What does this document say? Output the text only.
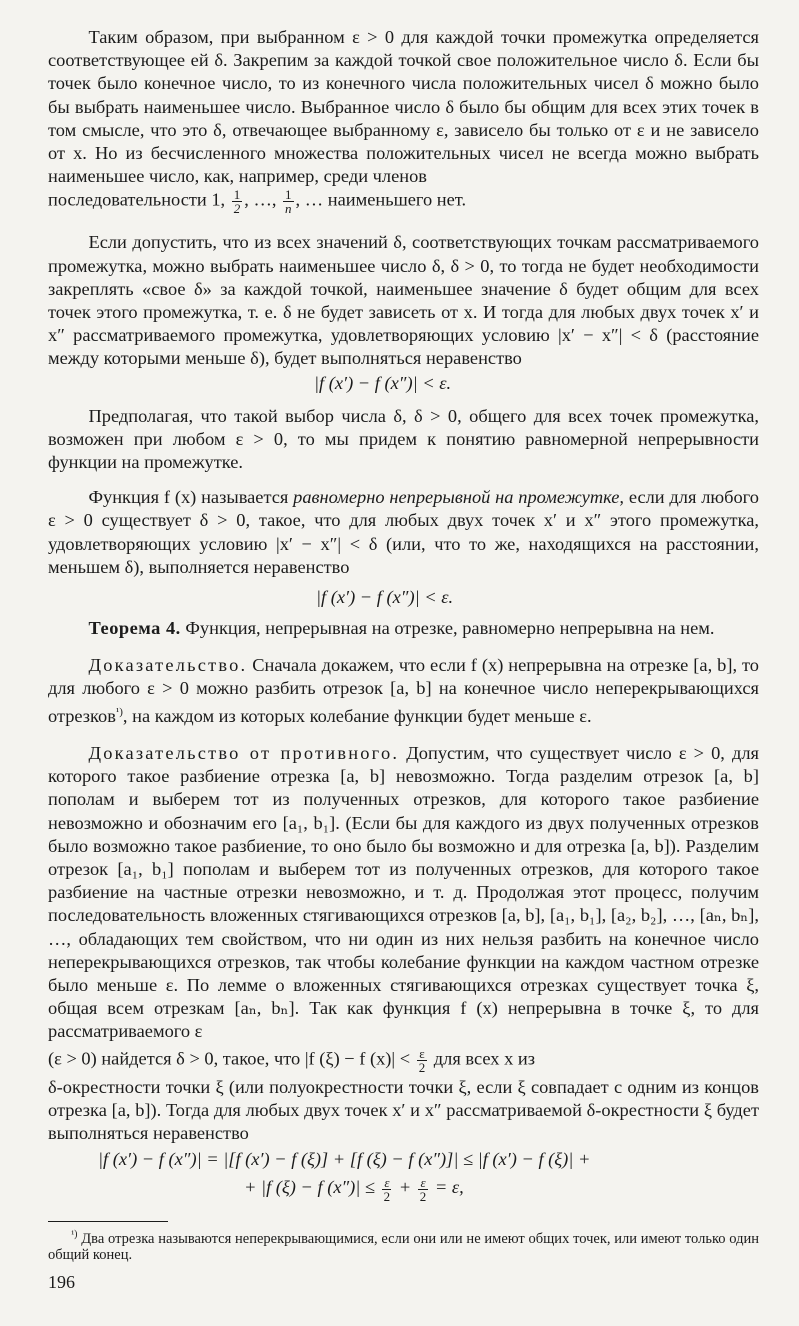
Таким образом, при выбранном ε > 0 для каждой точки промежутка определяется соответствующее ей δ. Закрепим за каждой точкой свое положительное число δ. Если бы точек было конечное число, то из конечного числа положительных чисел δ можно было бы выбрать наименьшее число. Выбранное число δ было бы общим для всех этих точек в том смысле, что это δ, отвечающее выбранному ε, зависело бы только от ε и не зависело от x. Но из бесчисленного множества положительных чисел не всегда можно выбрать наименьшее число, как, например, среди членов

последовательности 1, $\frac{1}{2}$ , …, $\frac{1}{n}$ , … наименьшего нет.

Если допустить, что из всех значений δ, соответствующих точкам рассматриваемого промежутка, можно выбрать наименьшее число δ, δ > 0, то тогда не будет необходимости закреплять «свое δ» за каждой точкой, наименьшее значение δ будет общим для всех точек этого промежутка, т. е. δ не будет зависеть от x. И тогда для любых двух точек x′ и x″ рассматриваемого промежутка, удовлетворяющих условию |x′ − x″| < δ (расстояние между которыми меньше δ), будет выполняться неравенство

|f (x′) − f (x″)| < ε.

Предполагая, что такой выбор числа δ, δ > 0, общего для всех точек промежутка, возможен при любом ε > 0, то мы придем к понятию равномерной непрерывности функции на промежутке.

Функция f (x) называется равномерно непрерывной на промежутке, если для любого ε > 0 существует δ > 0, такое, что для любых двух точек x′ и x″ этого промежутка, удовлетворяющих условию |x′ − x″| < δ (или, что то же, находящихся на расстоянии, меньшем δ), выполняется неравенство

|f (x′) − f (x″)| < ε.

Теорема 4. Функция, непрерывная на отрезке, равномерно непрерывна на нем.

Доказательство. Сначала докажем, что если f (x) непрерывна на отрезке [a, b], то для любого ε > 0 можно разбить отрезок [a, b] на конечное число неперекрывающихся отрезков$^{^1)}$, на каждом из которых колебание функции будет меньше ε.

Доказательство от противного. Допустим, что существует число ε > 0, для которого такое разбиение отрезка [a, b] невозможно. Тогда разделим отрезок [a, b] пополам и выберем тот из полученных отрезков, для которого такое разбиение невозможно и обозначим его [a₁, b₁]. (Если бы для каждого из двух полученных отрезков было возможно такое разбиение, то оно было бы возможно и для отрезка [a, b]). Разделим отрезок [a₁, b₁] пополам и выберем тот из полученных отрезков, для которого такое разбиение на частные отрезки невозможно, и т. д. Продолжая этот процесс, получим последовательность вложенных стягивающихся отрезков [a, b], [a₁, b₁], [a₂, b₂], …, [aₙ, bₙ], …, обладающих тем свойством, что ни один из них нельзя разбить на конечное число неперекрывающихся отрезков, так чтобы колебание функции на каждом частном отрезке было меньше ε. По лемме о вложенных стягивающихся отрезках существует точка ξ, общая всем отрезкам [aₙ, bₙ]. Так как функция f (x) непрерывна в точке ξ, то для рассматриваемого ε

(ε > 0) найдется δ > 0, такое, что |f (ξ) − f $(x)| < \frac{\varepsilon}{2}$ для всех x из

δ-окрестности точки ξ (или полуокрестности точки ξ, если ξ совпадает с одним из концов отрезка [a, b]). Тогда для любых двух точек x′ и x″ рассматриваемой δ-окрестности ξ будет выполняться неравенство

|f (x′) − f (x″)| = |[f (x′) − f (ξ)] + [f (ξ) − f (x″)]| ≤ |f (x′) − f (ξ)| +
+ |f (ξ) − f $(x'')| \le \frac{\varepsilon}{2} + \frac{\varepsilon}{2} = \varepsilon$,

$^{^1)}$ Два отрезка называются неперекрывающимися, если они или не имеют общих точек, или имеют только один общий конец.

196
